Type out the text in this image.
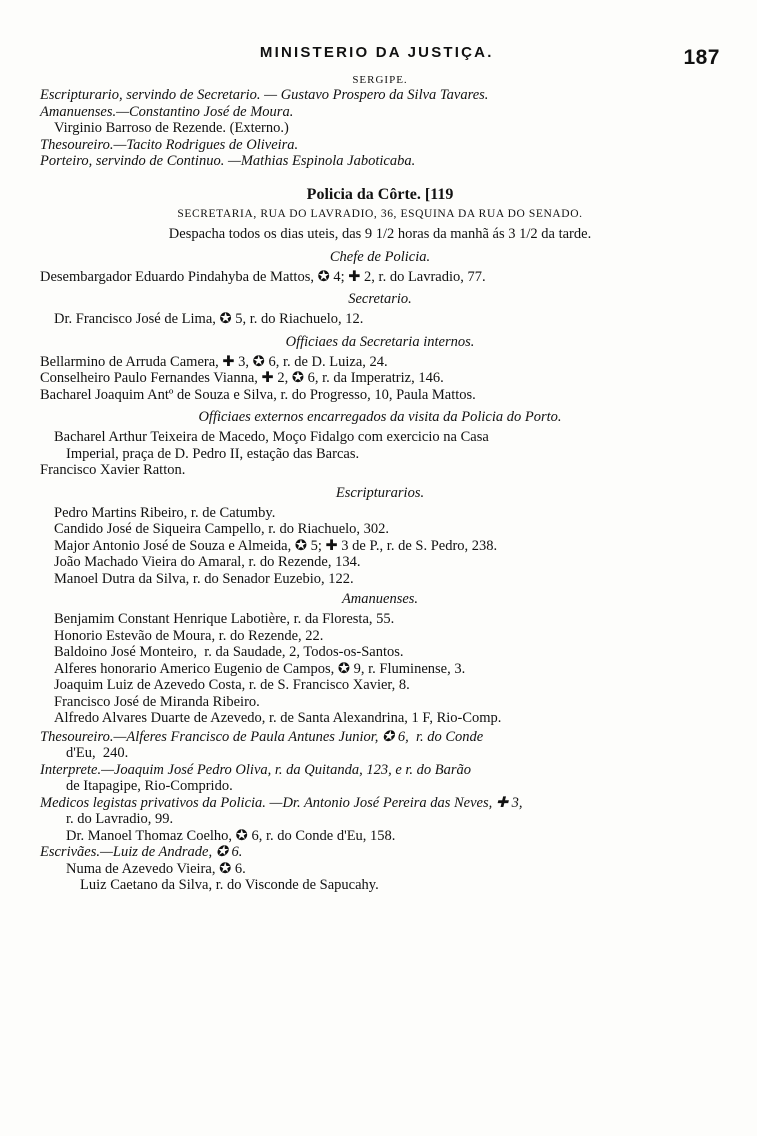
MINISTERIO DA JUSTIÇA.	187
SERGIPE.
Escripturario, servindo de Secretario. — Gustavo Prospero da Silva Tavares.
Amanuenses.—Constantino José de Moura.
Virginio Barroso de Rezende. (Externo.)
Thesoureiro.—Tacito Rodrigues de Oliveira.
Porteiro, servindo de Continuo. —Mathias Espinola Jaboticaba.
Policia da Côrte. [119
SECRETARIA, RUA DO LAVRADIO, 36, ESQUINA DA RUA DO SENADO.
Despacha todos os dias uteis, das 9 1/2 horas da manhã ás 3 1/2 da tarde.
Chefe de Policia.
Desembargador Eduardo Pindahyba de Mattos, ✪ 4; ✚ 2, r. do Lavradio, 77.
Secretario.
Dr. Francisco José de Lima, ✪ 5, r. do Riachuelo, 12.
Officiaes da Secretaria internos.
Bellarmino de Arruda Camera, ✚ 3, ✪ 6, r. de D. Luiza, 24.
Conselheiro Paulo Fernandes Vianna, ✚ 2, ✪ 6, r. da Imperatriz, 146.
Bacharel Joaquim Antº de Souza e Silva, r. do Progresso, 10, Paula Mattos.
Officiaes externos encarregados da visita da Policia do Porto.
Bacharel Arthur Teixeira de Macedo, Moço Fidalgo com exercicio na Casa
Imperial, praça de D. Pedro II, estação das Barcas.
Francisco Xavier Ratton.
Escripturarios.
Pedro Martins Ribeiro, r. de Catumby.
Candido José de Siqueira Campello, r. do Riachuelo, 302.
Major Antonio José de Souza e Almeida, ✪ 5; ✚ 3 de P., r. de S. Pedro, 238.
João Machado Vieira do Amaral, r. do Rezende, 134.
Manoel Dutra da Silva, r. do Senador Euzebio, 122.
Amanuenses.
Benjamim Constant Henrique Labotière, r. da Floresta, 55.
Honorio Estevão de Moura, r. do Rezende, 22.
Baldoino José Monteiro,  r. da Saudade, 2, Todos-os-Santos.
Alferes honorario Americo Eugenio de Campos, ✪ 9, r. Fluminense, 3.
Joaquim Luiz de Azevedo Costa, r. de S. Francisco Xavier, 8.
Francisco José de Miranda Ribeiro.
Alfredo Alvares Duarte de Azevedo, r. de Santa Alexandrina, 1 F, Rio-Comp.
Thesoureiro.—Alferes Francisco de Paula Antunes Junior, ✪ 6,  r. do Conde
d'Eu,  240.
Interprete.—Joaquim José Pedro Oliva, r. da Quitanda, 123, e r. do Barão
de Itapagipe, Rio-Comprido.
Medicos legistas privativos da Policia. —Dr. Antonio José Pereira das Neves, ✚ 3,
r. do Lavradio, 99.
Dr. Manoel Thomaz Coelho, ✪ 6, r. do Conde d'Eu, 158.
Escrivães.—Luiz de Andrade, ✪ 6.
Numa de Azevedo Vieira, ✪ 6.
Luiz Caetano da Silva, r. do Visconde de Sapucahy.
